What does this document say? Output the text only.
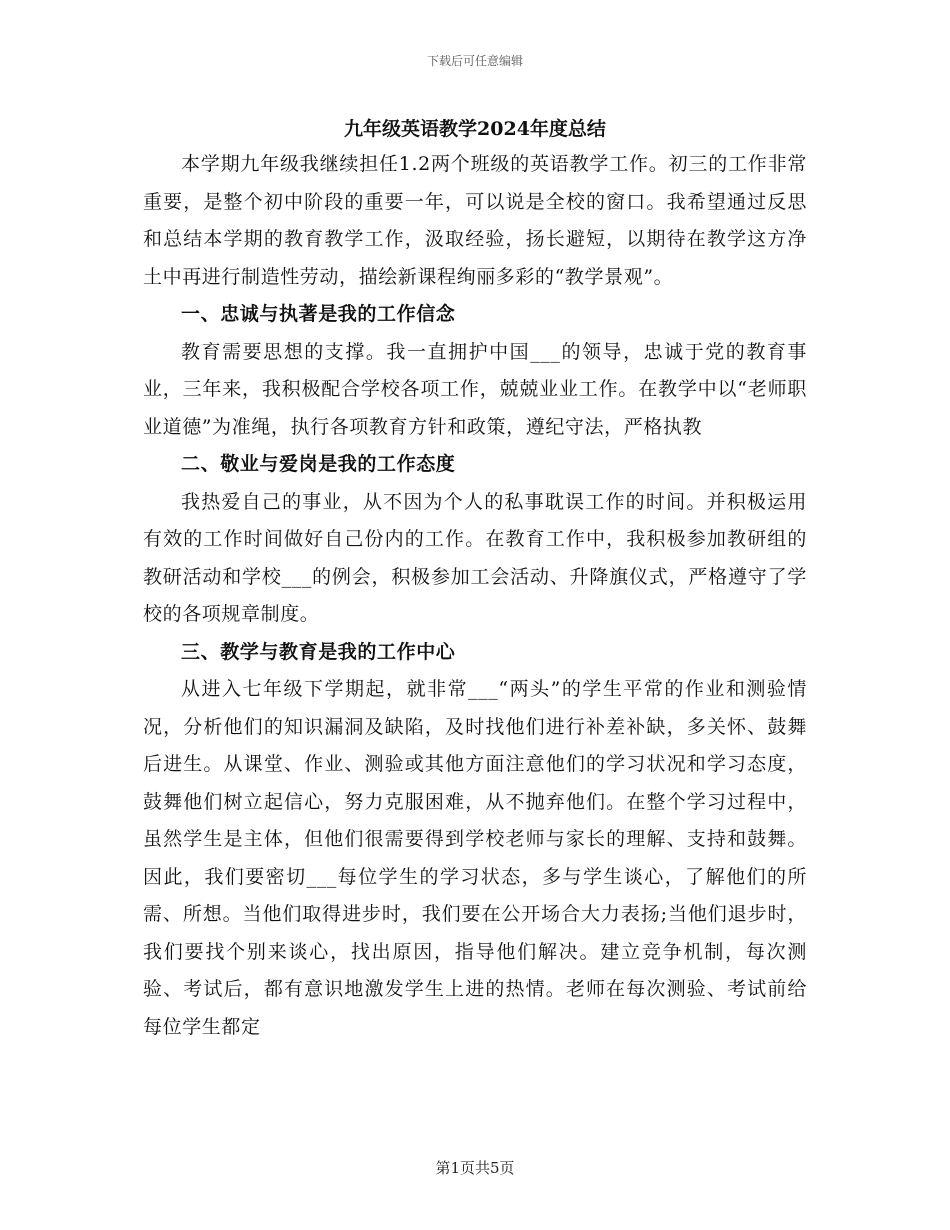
下载后可任意编辑
九年级英语教学2024年度总结

本学期九年级我继续担任1.2两个班级的英语教学工作。初三的工作非常重要，是整个初中阶段的重要一年，可以说是全校的窗口。我希望通过反思和总结本学期的教育教学工作，汲取经验，扬长避短，以期待在教学这方净土中再进行制造性劳动，描绘新课程绚丽多彩的“教学景观”。

一、忠诚与执著是我的工作信念

教育需要思想的支撑。我一直拥护中国___的领导，忠诚于党的教育事业，三年来，我积极配合学校各项工作，兢兢业业工作。在教学中以“老师职业道德”为准绳，执行各项教育方针和政策，遵纪守法，严格执教

二、敬业与爱岗是我的工作态度

我热爱自己的事业，从不因为个人的私事耽误工作的时间。并积极运用有效的工作时间做好自己份内的工作。在教育工作中，我积极参加教研组的教研活动和学校___的例会，积极参加工会活动、升降旗仪式，严格遵守了学校的各项规章制度。

三、教学与教育是我的工作中心

从进入七年级下学期起，就非常___“两头”的学生平常的作业和测验情况，分析他们的知识漏洞及缺陷，及时找他们进行补差补缺，多关怀、鼓舞后进生。从课堂、作业、测验或其他方面注意他们的学习状况和学习态度，鼓舞他们树立起信心，努力克服困难，从不抛弃他们。在整个学习过程中，虽然学生是主体，但他们很需要得到学校老师与家长的理解、支持和鼓舞。因此，我们要密切___每位学生的学习状态，多与学生谈心，了解他们的所需、所想。当他们取得进步时，我们要在公开场合大力表扬;当他们退步时，我们要找个别来谈心，找出原因，指导他们解决。建立竞争机制，每次测验、考试后，都有意识地激发学生上进的热情。老师在每次测验、考试前给每位学生都定

第1页共5页
